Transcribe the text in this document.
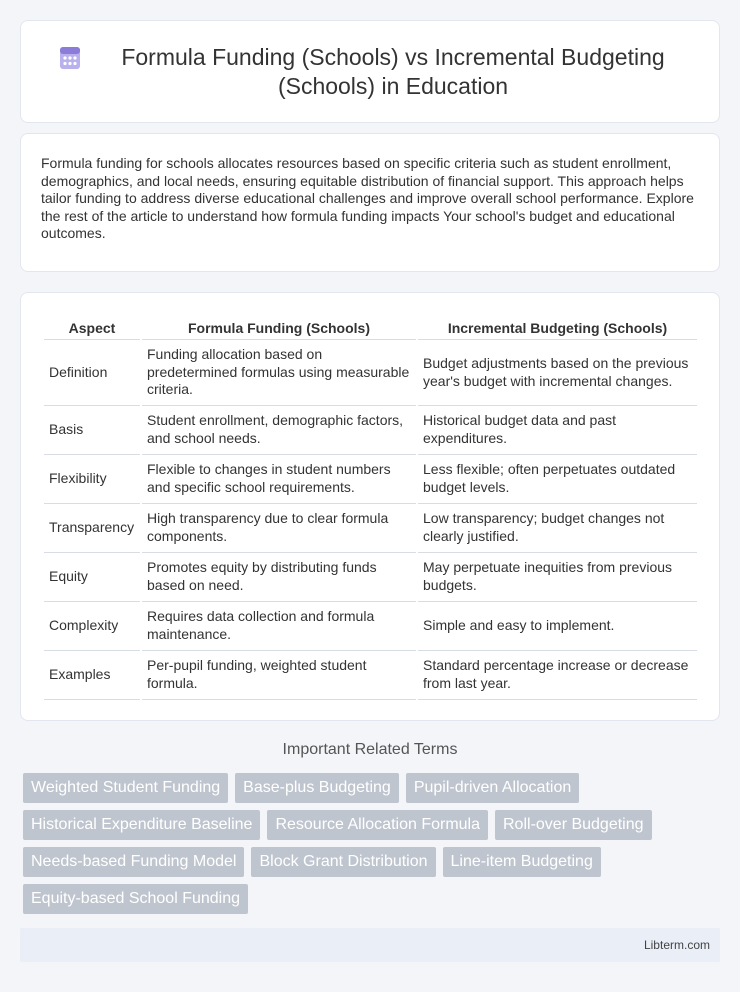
Formula Funding (Schools) vs Incremental Budgeting (Schools) in Education

Formula funding for schools allocates resources based on specific criteria such as student enrollment, demographics, and local needs, ensuring equitable distribution of financial support. This approach helps tailor funding to address diverse educational challenges and improve overall school performance. Explore the rest of the article to understand how formula funding impacts Your school's budget and educational outcomes.

Aspect	Formula Funding (Schools)	Incremental Budgeting (Schools)
Definition	Funding allocation based on predetermined formulas using measurable criteria.	Budget adjustments based on the previous year's budget with incremental changes.
Basis	Student enrollment, demographic factors, and school needs.	Historical budget data and past expenditures.
Flexibility	Flexible to changes in student numbers and specific school requirements.	Less flexible; often perpetuates outdated budget levels.
Transparency	High transparency due to clear formula components.	Low transparency; budget changes not clearly justified.
Equity	Promotes equity by distributing funds based on need.	May perpetuate inequities from previous budgets.
Complexity	Requires data collection and formula maintenance.	Simple and easy to implement.
Examples	Per-pupil funding, weighted student formula.	Standard percentage increase or decrease from last year.
Important Related Terms
Weighted Student Funding	Base-plus Budgeting	Pupil-driven Allocation
Historical Expenditure Baseline	Resource Allocation Formula	Roll-over Budgeting
Needs-based Funding Model	Block Grant Distribution	Line-item Budgeting
Equity-based School Funding
Libterm.com
